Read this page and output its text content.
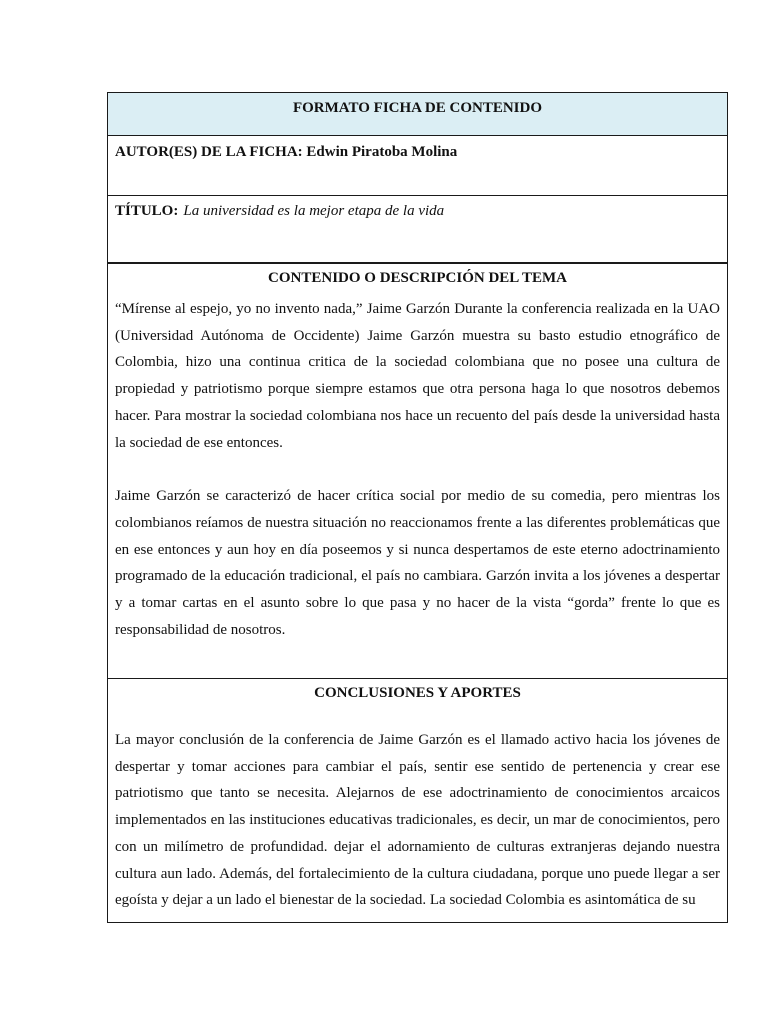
FORMATO FICHA DE CONTENIDO
AUTOR(ES) DE LA FICHA: Edwin Piratoba Molina
TÍTULO: La universidad es la mejor etapa de la vida

CONTENIDO O DESCRIPCIÓN DEL TEMA

“Mírense al espejo, yo no invento nada,” Jaime Garzón Durante la conferencia realizada en la UAO (Universidad Autónoma de Occidente) Jaime Garzón muestra su basto estudio etnográfico de Colombia, hizo una continua critica de la sociedad colombiana que no posee una cultura de propiedad y patriotismo porque siempre estamos que otra persona haga lo que nosotros debemos hacer. Para mostrar la sociedad colombiana nos hace un recuento del país desde la universidad hasta la sociedad de ese entonces.

Jaime Garzón se caracterizó de hacer crítica social por medio de su comedia, pero mientras los colombianos reíamos de nuestra situación no reaccionamos frente a las diferentes problemáticas que en ese entonces y aun hoy en día poseemos y si nunca despertamos de este eterno adoctrinamiento programado de la educación tradicional, el país no cambiara. Garzón invita a los jóvenes a despertar y a tomar cartas en el asunto sobre lo que pasa y no hacer de la vista “gorda” frente lo que es responsabilidad de nosotros.

CONCLUSIONES Y APORTES

La mayor conclusión de la conferencia de Jaime Garzón es el llamado activo hacia los jóvenes de despertar y tomar acciones para cambiar el país, sentir ese sentido de pertenencia y crear ese patriotismo que tanto se necesita. Alejarnos de ese adoctrinamiento de conocimientos arcaicos implementados en las instituciones educativas tradicionales, es decir, un mar de conocimientos, pero con un milímetro de profundidad. dejar el adornamiento de culturas extranjeras dejando nuestra cultura aun lado. Además, del fortalecimiento de la cultura ciudadana, porque uno puede llegar a ser egoísta y dejar a un lado el bienestar de la sociedad. La sociedad Colombia es asintomática de su
